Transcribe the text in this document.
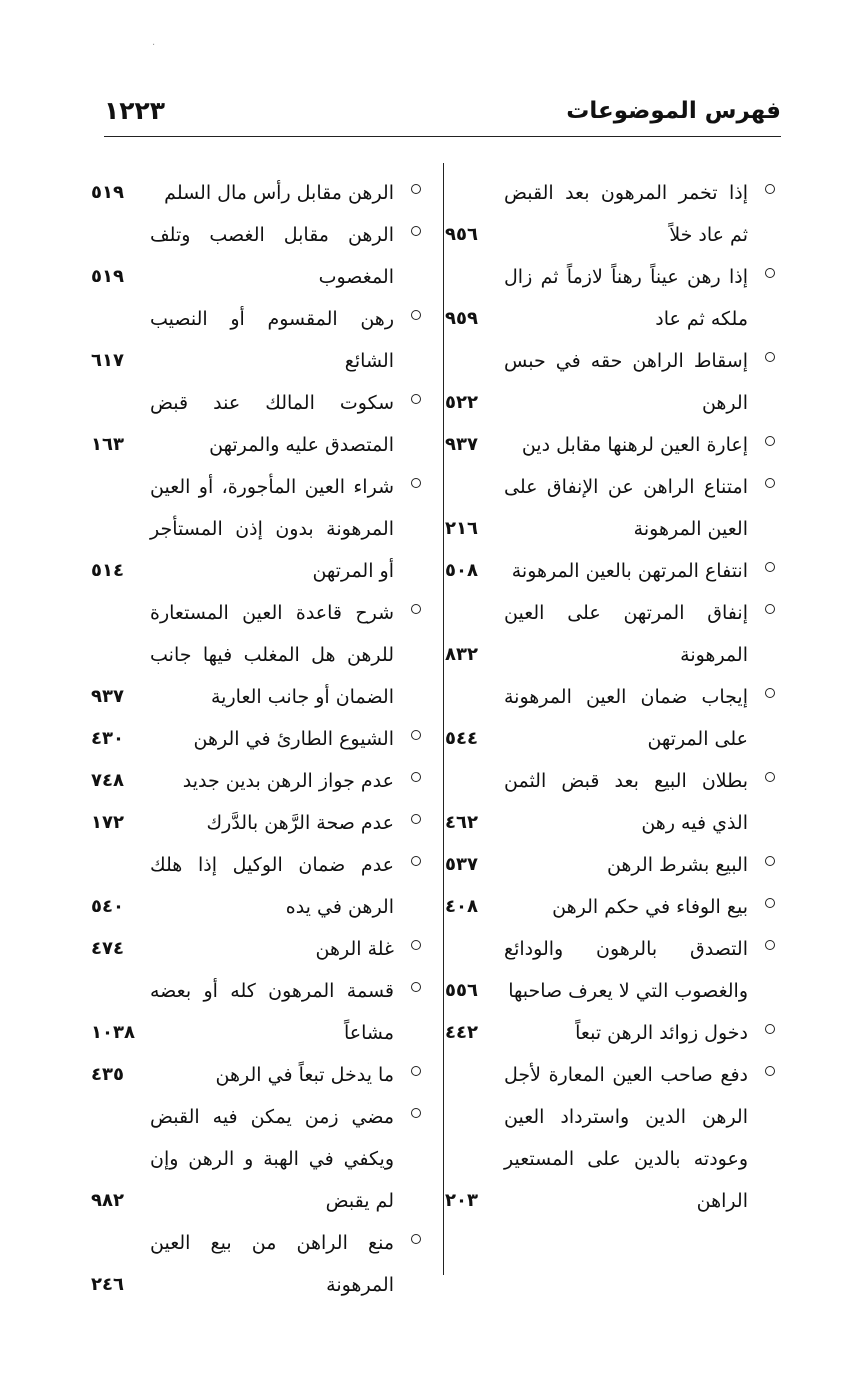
فهرس الموضوعات
١٢٢٣
·
إذا تخمر المرهون بعد القبض ثم عاد خلاً
٩٥٦
إذا رهن عيناً رهناً لازماً ثم زال ملكه ثم عاد
٩٥٩
إسقاط الراهن حقه في حبس الرهن
٥٢٢
إعارة العين لرهنها مقابل دين
٩٣٧
امتناع الراهن عن الإنفاق على العين المرهونة
٢١٦
انتفاع المرتهن بالعين المرهونة
٥٠٨
إنفاق المرتهن على العين المرهونة
٨٣٢
إيجاب ضمان العين المرهونة على المرتهن
٥٤٤
بطلان البيع بعد قبض الثمن الذي فيه رهن
٤٦٢
البيع بشرط الرهن
٥٣٧
بيع الوفاء في حكم الرهن
٤٠٨
التصدق بالرهون والودائع والغصوب التي لا يعرف صاحبها
٥٥٦
دخول زوائد الرهن تبعاً
٤٤٢
دفع صاحب العين المعارة لأجل الرهن الدين واسترداد العين وعودته بالدين على المستعير الراهن
٢٠٣
الرهن مقابل رأس مال السلم
٥١٩
الرهن مقابل الغصب وتلف المغصوب
٥١٩
رهن المقسوم أو النصيب الشائع
٦١٧
سكوت المالك عند قبض المتصدق عليه والمرتهن
١٦٣
شراء العين المأجورة، أو العين المرهونة بدون إذن المستأجر أو المرتهن
٥١٤
شرح قاعدة العين المستعارة للرهن هل المغلب فيها جانب الضمان أو جانب العارية
٩٣٧
الشيوع الطارئ في الرهن
٤٣٠
عدم جواز الرهن بدين جديد
٧٤٨
عدم صحة الرَّهن بالدَّرك
١٧٢
عدم ضمان الوكيل إذا هلك الرهن في يده
٥٤٠
غلة الرهن
٤٧٤
قسمة المرهون كله أو بعضه مشاعاً
١٠٣٨
ما يدخل تبعاً في الرهن
٤٣٥
مضي زمن يمكن فيه القبض ويكفي في الهبة و الرهن وإن لم يقبض
٩٨٢
منع الراهن من بيع العين المرهونة
٢٤٦
